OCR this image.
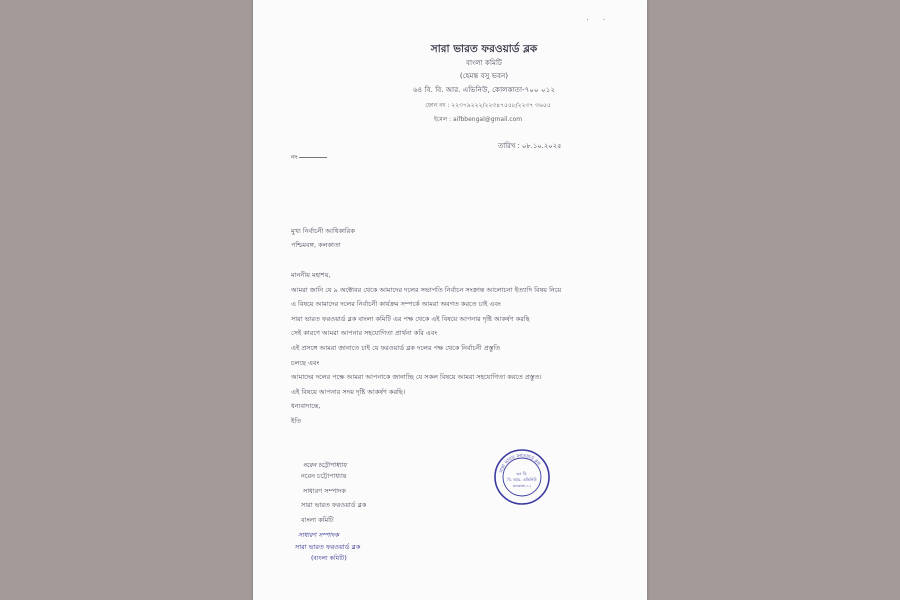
· ·
সারা ভারত ফরওয়ার্ড ব্লক
বাংলা কমিটি
(হেমন্ত বসু ভবন)
৬৪ বি. বি. আর. এভিনিউ, কোলকাতা-৭০০ ০১২
ফোন নং : ২২৩৭৯২২২/২২৩৪৭৫৫৮/২২৩৭ ৩৬৫৫
ইমেল : aifbbengal@gmail.com
তারিখ : ০৮.১০.২০২৫
নং
মুখ্য নির্বাচনী আধিকারিক
পশ্চিমবঙ্গ, কলকাতা

মাননীয় মহাশয়,

আমরা জানি যে ৯ অক্টোবর থেকে আমাদের দলের সভাপতি নির্বাচন সংক্রান্ত আলোচনা ইত্যাদি বিষয় নিয়ে

এ বিষয়ে আমাদের দলের নির্বাচনী কার্যক্রম সম্পর্কে আমরা অবগত করতে চাই এবং

সারা ভারত ফরওয়ার্ড ব্লক বাংলা কমিটি এর পক্ষ থেকে এই বিষয়ে আপনার দৃষ্টি আকর্ষণ করছি

সেই কারণে আমরা আপনার সহযোগিতা প্রার্থনা করি এবং

এই প্রসঙ্গে আমরা জানাতে চাই যে ফরওয়ার্ড ব্লক দলের পক্ষ থেকে নির্বাচনী প্রস্তুতি

চলছে এবং

আমাদের দলের পক্ষে আমরা আপনাকে জানাচ্ছি যে সকল বিষয়ে আমরা সহযোগিতা করতে প্রস্তুত।

এই বিষয়ে আপনার সদয় দৃষ্টি আকর্ষণ করছি।

ধন্যবাদান্তে,

ইতি

নরেন চট্টোপাধ্যায়
নরেন চট্টোপাধ্যায়
সাধারণ সম্পাদক
সারা ভারত ফরওয়ার্ড ব্লক
বাংলা কমিটি
সাধারণ সম্পাদক
সারা ভারত ফরওয়ার্ড ব্লক
(বাংলা কমিটি)
সারা ভারত ফরওয়ার্ড ব্লক
৬৪ বি.
বি. আর. এভিনিউ
কলকাতা-১২
